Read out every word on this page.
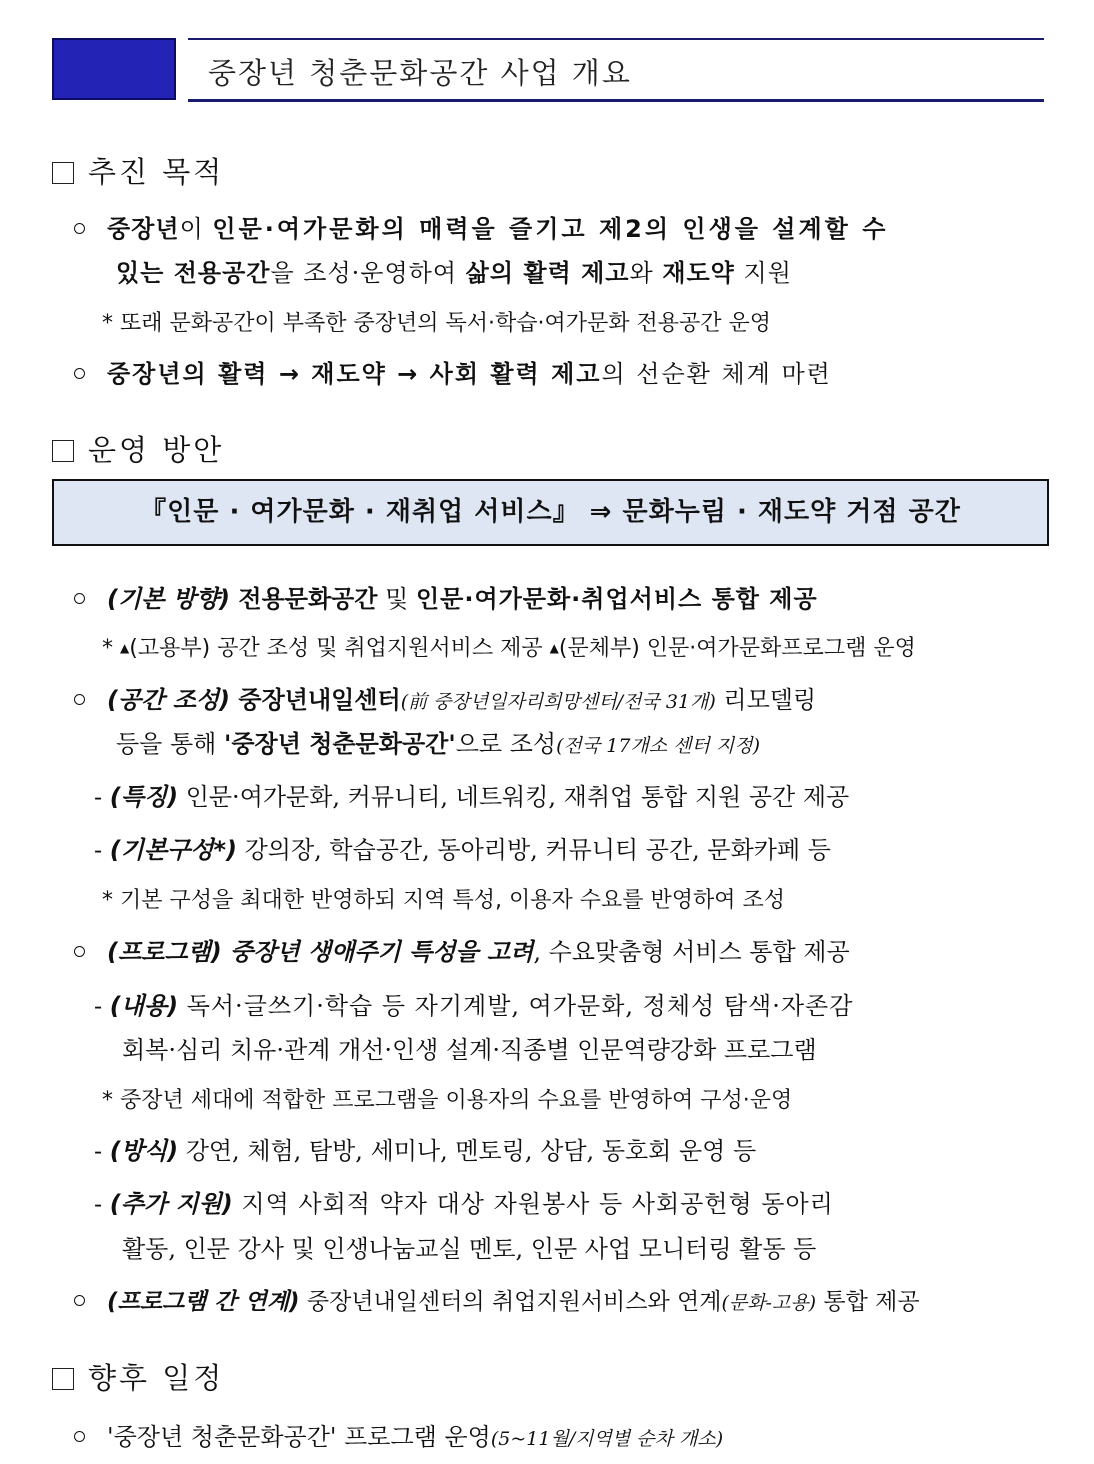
중장년 청춘문화공간 사업 개요
추진 목적
중장년이 인문·여가문화의 매력을 즐기고 제2의 인생을 설계할 수
있는 전용공간을 조성·운영하여 삶의 활력 제고와 재도약 지원
* 또래 문화공간이 부족한 중장년의 독서·학습·여가문화 전용공간 운영
중장년의 활력 → 재도약 → 사회 활력 제고의 선순환 체계 마련
운영 방안
『인문 · 여가문화 · 재취업 서비스』 ⇒ 문화누림 · 재도약 거점 공간
(기본 방향) 전용문화공간 및 인문·여가문화·취업서비스 통합 제공
* ▲(고용부) 공간 조성 및 취업지원서비스 제공 ▲(문체부) 인문·여가문화프로그램 운영
(공간 조성) 중장년내일센터(前 중장년일자리희망센터/전국 31개) 리모델링
등을 통해 '중장년 청춘문화공간'으로 조성(전국 17개소 센터 지정)
- (특징) 인문·여가문화, 커뮤니티, 네트워킹, 재취업 통합 지원 공간 제공
- (기본구성*) 강의장, 학습공간, 동아리방, 커뮤니티 공간, 문화카페 등
* 기본 구성을 최대한 반영하되 지역 특성, 이용자 수요를 반영하여 조성
(프로그램) 중장년 생애주기 특성을 고려, 수요맞춤형 서비스 통합 제공
- (내용) 독서·글쓰기·학습 등 자기계발, 여가문화, 정체성 탐색·자존감
회복·심리 치유·관계 개선·인생 설계·직종별 인문역량강화 프로그램
* 중장년 세대에 적합한 프로그램을 이용자의 수요를 반영하여 구성·운영
- (방식) 강연, 체험, 탐방, 세미나, 멘토링, 상담, 동호회 운영 등
- (추가 지원) 지역 사회적 약자 대상 자원봉사 등 사회공헌형 동아리
활동, 인문 강사 및 인생나눔교실 멘토, 인문 사업 모니터링 활동 등
(프로그램 간 연계) 중장년내일센터의 취업지원서비스와 연계(문화-고용) 통합 제공
향후 일정
'중장년 청춘문화공간' 프로그램 운영(5~11월/지역별 순차 개소)
